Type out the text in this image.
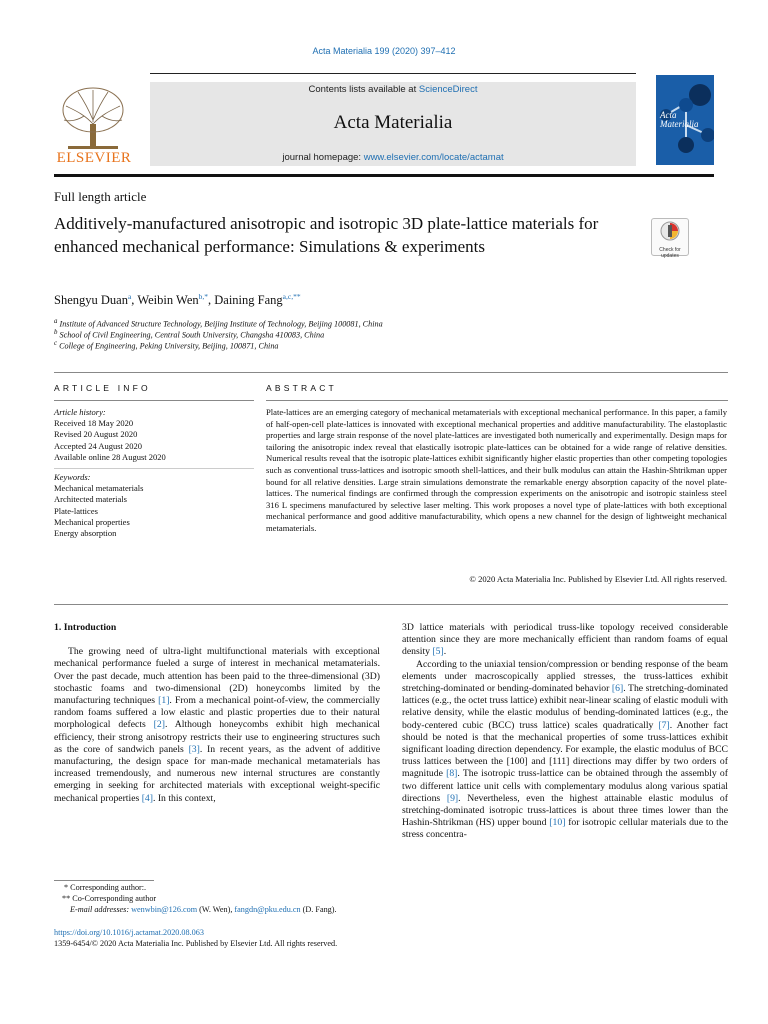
Acta Materialia 199 (2020) 397–412
ELSEVIER
Contents lists available at ScienceDirect
Acta Materialia
journal homepage: www.elsevier.com/locate/actamat
Acta Materialia
Full length article
Additively-manufactured anisotropic and isotropic 3D plate-lattice materials for enhanced mechanical performance: Simulations & experiments	Check for updates
Shengyu Duan$^a$, Weibin Wen$^{b,*}$, Daining Fang$^{a,c,**}$
$^a$ Institute of Advanced Structure Technology, Beijing Institute of Technology, Beijing 100081, China
$^b$ School of Civil Engineering, Central South University, Changsha 410083, China
$^c$ College of Engineering, Peking University, Beijing, 100871, China
ARTICLE INFO	ABSTRACT
Article history:
Received 18 May 2020
Revised 20 August 2020
Accepted 24 August 2020
Available online 28 August 2020
Keywords:
Mechanical metamaterials
Architected materials
Plate-lattices
Mechanical properties
Energy absorption
Plate-lattices are an emerging category of mechanical metamaterials with exceptional mechanical performance. In this paper, a family of half-open-cell plate-lattices is innovated with exceptional mechanical properties and additive manufacturability. The elastoplastic properties and large strain response of the novel plate-lattices are investigated both numerically and experimentally. Design maps for tailoring the anisotropic index reveal that elastically isotropic plate-lattices can be obtained for a wide range of relative densities. Numerical results reveal that the isotropic plate-lattices exhibit significantly higher elastic properties than other competing topologies such as conventional truss-lattices and isotropic smooth shell-lattices, and their bulk modulus can attain the Hashin-Shtrikman upper bound for all relative densities. Large strain simulations demonstrate the remarkable energy absorption capacity of the novel plate-lattices. The numerical findings are confirmed through the compression experiments on the anisotropic and isotropic stainless steel 316 L specimens manufactured by selective laser melting. This work proposes a novel type of plate-lattices with both exceptional mechanical performance and good additive manufacturability, which opens a new channel for the design of lightweight mechanical metamaterials.
© 2020 Acta Materialia Inc. Published by Elsevier Ltd. All rights reserved.
1. Introduction

The growing need of ultra-light multifunctional materials with exceptional mechanical performance fueled a surge of interest in mechanical metamaterials. Over the past decade, much attention has been paid to the three-dimensional (3D) stochastic foams and two-dimensional (2D) honeycombs limited by the manufacturing techniques [1]. From a mechanical point-of-view, the commercially random foams suffered a low elastic and plastic properties due to their natural morphological defects [2]. Although honeycombs exhibit high mechanical efficiency, their strong anisotropy restricts their use to engineering structures such as the core of sandwich panels [3]. In recent years, as the advent of additive manufacturing, the design space for man-made mechanical metamaterials has increased tremendously, and numerous new internal structures are constantly emerging in seeking for architected materials with exceptional weight-specific mechanical properties [4]. In this context,

3D lattice materials with periodical truss-like topology received considerable attention since they are more mechanically efficient than random foams of equal density [5].

According to the uniaxial tension/compression or bending response of the beam elements under macroscopically applied stresses, the truss-lattices exhibit stretching-dominated or bending-dominated behavior [6]. The stretching-dominated lattices (e.g., the octet truss lattice) exhibit near-linear scaling of elastic moduli with relative density, while the elastic modulus of bending-dominated lattices (e.g., the body-centered cubic (BCC) truss lattice) scales quadratically [7]. Another fact should be noted is that the mechanical properties of some truss-lattices exhibit significant loading direction dependency. For example, the elastic modulus of BCC truss lattices between the [100] and [111] directions may differ by two orders of magnitude [8]. The isotropic truss-lattice can be obtained through the assembly of two different lattice unit cells with complementary modulus along various spatial directions [9]. Nevertheless, even the highest attainable elastic modulus of stretching-dominated isotropic truss-lattices is about three times lower than the Hashin-Shtrikman (HS) upper bound [10] for isotropic cellular materials due to the stress concentra-

* Corresponding author:.
** Co-Corresponding author
E-mail addresses: wenwbin@126.com (W. Wen), fangdn@pku.edu.cn (D. Fang).
https://doi.org/10.1016/j.actamat.2020.08.063
1359-6454/© 2020 Acta Materialia Inc. Published by Elsevier Ltd. All rights reserved.
